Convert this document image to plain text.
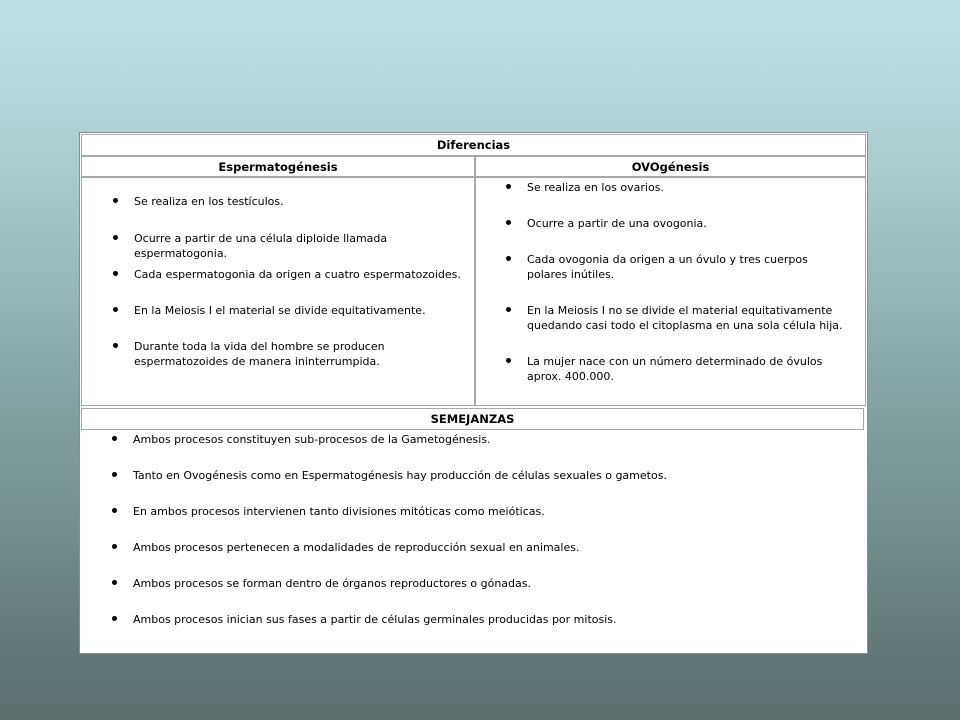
Diferencias
Espermatogénesis	OVOgénesis
Se realiza en los testículos.
Ocurre a partir de una célula diploide llamada espermatogonia.
Cada espermatogonia da origen a cuatro espermatozoides.
En la Meiosis I el material se divide equitativamente.
Durante toda la vida del hombre se producen espermatozoides de manera ininterrumpida.
Se realiza en los ovarios.
Ocurre a partir de una ovogonia.
Cada ovogonia da origen a un óvulo y tres cuerpos polares inútiles.
En la Meiosis I no se divide el material equitativamente quedando casi todo el citoplasma en una sola célula hija.
La mujer nace con un número determinado de óvulos aprox. 400.000.
SEMEJANZAS
Ambos procesos constituyen sub-procesos de la Gametogénesis.
Tanto en Ovogénesis como en Espermatogénesis hay producción de células sexuales o gametos.
En ambos procesos intervienen tanto divisiones mitóticas como meióticas.
Ambos procesos pertenecen a modalidades de reproducción sexual en animales.
Ambos procesos se forman dentro de órganos reproductores o gónadas.
Ambos procesos inician sus fases a partir de células germinales producidas por mitosis.
